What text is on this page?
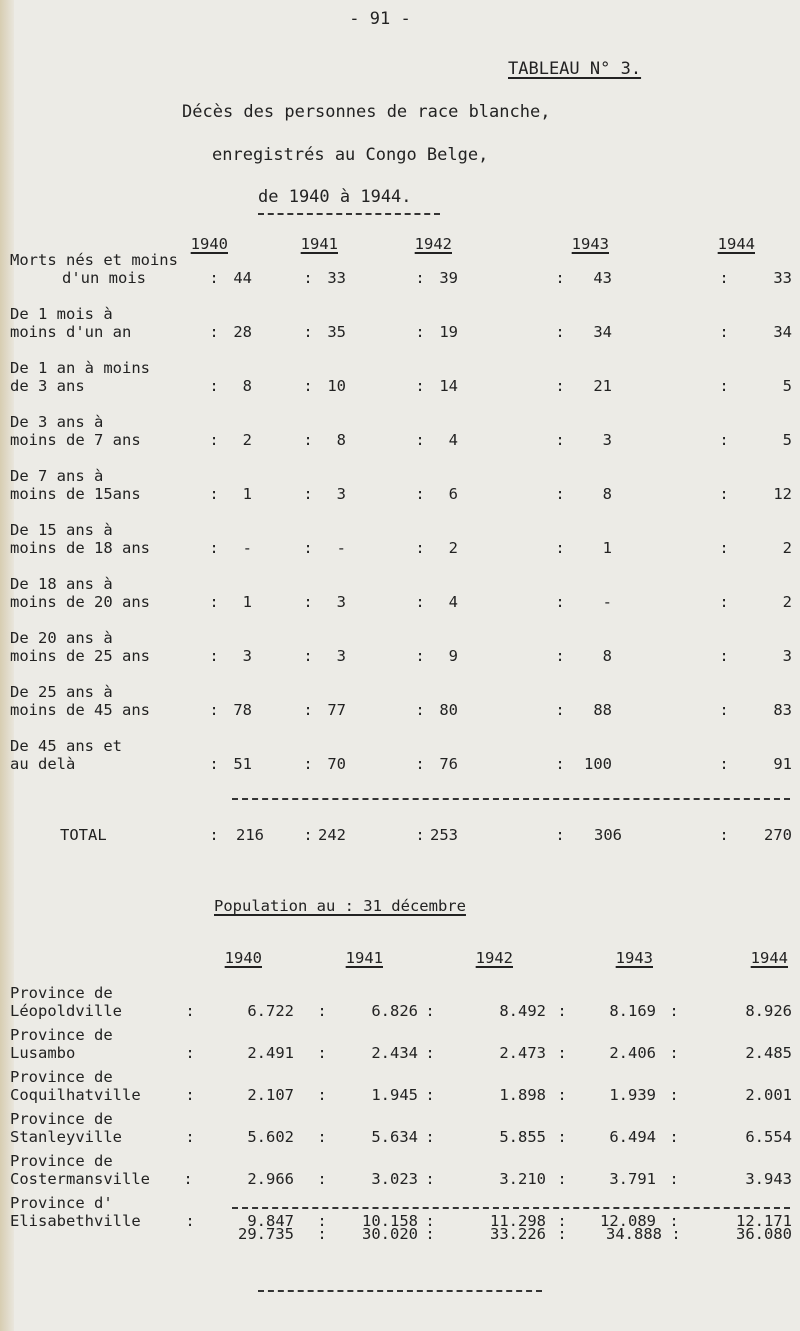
- 91 -
TABLEAU N° 3.
Décès des personnes de race blanche,
enregistrés au Congo Belge,
de 1940 à 1944.
1940	1941	1942	1943	1944
Morts nés et moins
d'un mois	: 44	: 33	: 39	:	43	:	33
De 1 mois à
moins d'un an	: 28	: 35	: 19	:	34	:	34
De 1 an à moins
de 3 ans	:	8	: 10	: 14	:	21	:	5
De 3 ans à
moins de 7 ans	:	2	:	8	:	4	:	3	:	5
De 7 ans à
moins de 15ans	:	1	:	3	:	6	:	8	:	12
De 15 ans à
moins de 18 ans	:	-	:	-	:	2	:	1	:	2
De 18 ans à
moins de 20 ans	:	1	:	3	:	4	:	-	:	2
De 20 ans à
moins de 25 ans	:	3	:	3	:	9	:	8	:	3
De 25 ans à
moins de 45 ans	: 78	: 77	: 80	:	88	:	83
De 45 ans et
au delà	: 51	: 70	: 76	:	100	:	91
TOTAL	216	242	253	306	270
:	:	:	:	:
Population au : 31 décembre
1940	1941	1942	1943	1944
Province de
Léopoldville	:	6.722 :	6.826 :	8.492 :	8.169 :	8.926
Province de
Lusambo	:	2.491 :	2.434 :	2.473 :	2.406 :	2.485
Province de
Coquilhatville	:	2.107 :	1.945 :	1.898 :	1.939 :	2.001
Province de
Stanleyville	:	5.602 :	5.634 :	5.855 :	6.494 :	6.554
Province de
Costermansville :	2.966 :	3.023 :	3.210 :	3.791 :	3.943
Province d'
Elisabethville	:	9.847 :	10.158 :	11.298 :	12.089 :	12.171
29.735 :	30.020 :	33.226 :	34.888 :	36.080
